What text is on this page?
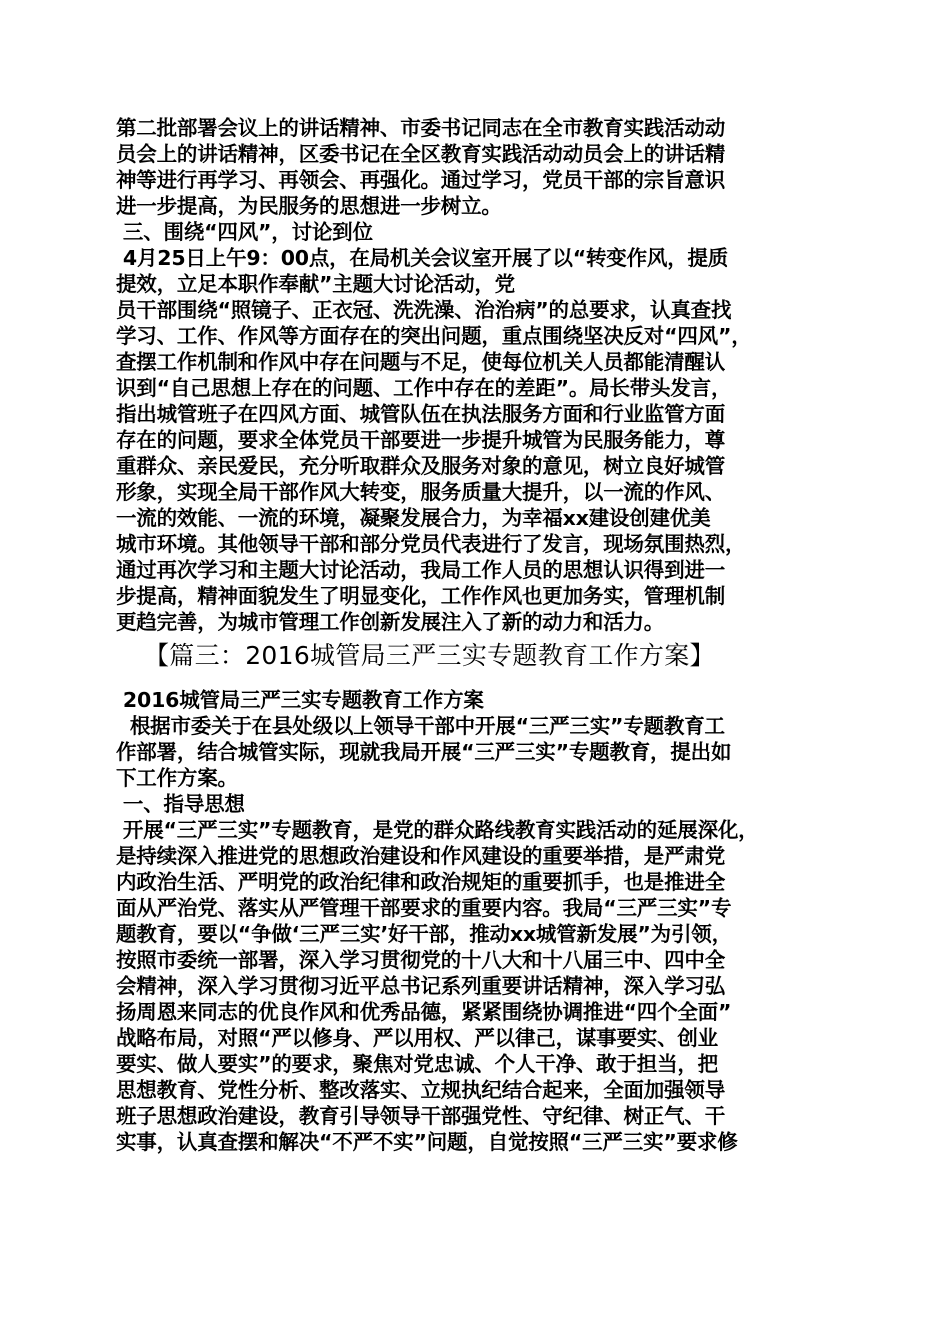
第二批部署会议上的讲话精神、市委书记同志在全市教育实践活动动
员会上的讲话精神，区委书记在全区教育实践活动动员会上的讲话精
神等进行再学习、再领会、再强化。通过学习，党员干部的宗旨意识
进一步提高，为民服务的思想进一步树立。
三、围绕“四风”，讨论到位
4月25日上午9：00点，在局机关会议室开展了以“转变作风，提质
提效，立足本职作奉献”主题大讨论活动，党
员干部围绕“照镜子、正衣冠、洗洗澡、治治病”的总要求，认真查找
学习、工作、作风等方面存在的突出问题，重点围绕坚决反对“四风”，
查摆工作机制和作风中存在问题与不足，使每位机关人员都能清醒认
识到“自己思想上存在的问题、工作中存在的差距”。局长带头发言，
指出城管班子在四风方面、城管队伍在执法服务方面和行业监管方面
存在的问题，要求全体党员干部要进一步提升城管为民服务能力，尊
重群众、亲民爱民，充分听取群众及服务对象的意见，树立良好城管
形象，实现全局干部作风大转变，服务质量大提升，以一流的作风、
一流的效能、一流的环境，凝聚发展合力，为幸福xx建设创建优美
城市环境。其他领导干部和部分党员代表进行了发言，现场氛围热烈，
通过再次学习和主题大讨论活动，我局工作人员的思想认识得到进一
步提高，精神面貌发生了明显变化，工作作风也更加务实，管理机制
更趋完善，为城市管理工作创新发展注入了新的动力和活力。
【篇三：2016城管局三严三实专题教育工作方案】
2016城管局三严三实专题教育工作方案
根据市委关于在县处级以上领导干部中开展“三严三实”专题教育工
作部署，结合城管实际，现就我局开展“三严三实”专题教育，提出如
下工作方案。
一、指导思想
开展“三严三实”专题教育，是党的群众路线教育实践活动的延展深化，
是持续深入推进党的思想政治建设和作风建设的重要举措，是严肃党
内政治生活、严明党的政治纪律和政治规矩的重要抓手，也是推进全
面从严治党、落实从严管理干部要求的重要内容。我局“三严三实”专
题教育，要以“争做‘三严三实’好干部，推动xx城管新发展”为引领，
按照市委统一部署，深入学习贯彻党的十八大和十八届三中、四中全
会精神，深入学习贯彻习近平总书记系列重要讲话精神，深入学习弘
扬周恩来同志的优良作风和优秀品德，紧紧围绕协调推进“四个全面”
战略布局，对照“严以修身、严以用权、严以律己，谋事要实、创业
要实、做人要实”的要求，聚焦对党忠诚、个人干净、敢于担当，把
思想教育、党性分析、整改落实、立规执纪结合起来，全面加强领导
班子思想政治建设，教育引导领导干部强党性、守纪律、树正气、干
实事，认真查摆和解决“不严不实”问题，自觉按照“三严三实”要求修
